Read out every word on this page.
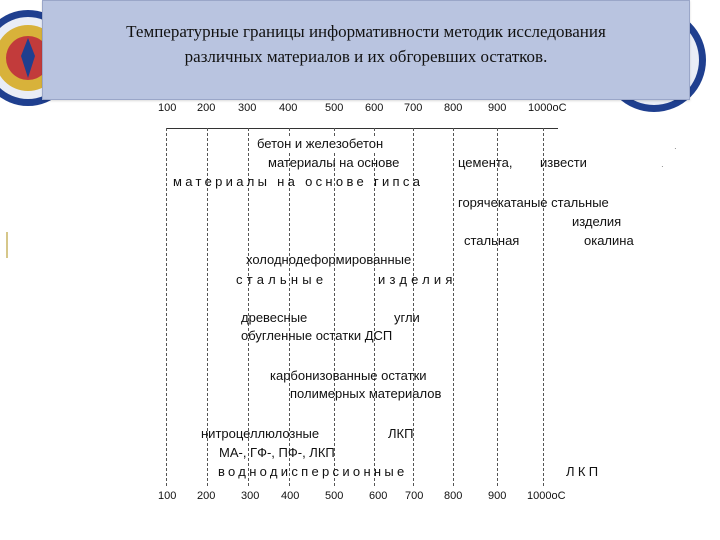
Температурные границы информативности методик исследования
различных материалов и их обгоревших остатков.
100 200 300 400	500 600 700 800 900 1000оС
бетон и железобетон
материалы на основе	цемента, извести
материалы на основе гипса
горячекатаные стальные
изделия
стальная	окалина
холоднодеформированные
стальные	изделия
древесные	угли
обугленные остатки ДСП
карбонизованные остатки
полимерных материалов
нитроцеллюлозные	ЛКП
МА-, ГФ-, ПФ-, ЛКП
воднодисперсионные	ЛКП
100 200 300 400 500 600 700 800 900 1000оС
·
·
